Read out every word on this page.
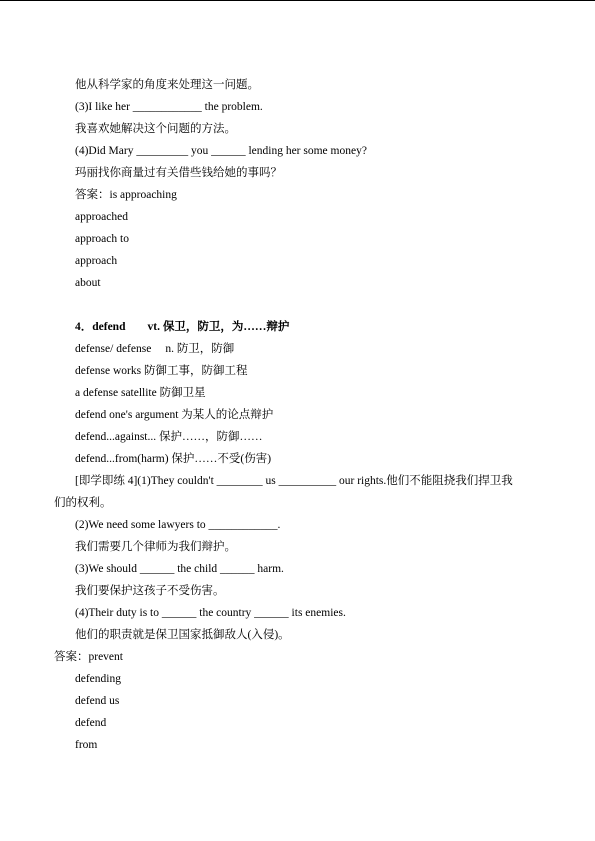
他从科学家的角度来处理这一问题。
(3)I like her ____________ the problem.
我喜欢她解决这个问题的方法。
(4)Did Mary _________ you ______ lending her some money?
玛丽找你商量过有关借些钱给她的事吗？
答案：is approaching
approached
approach to
approach
about
4．defend vt. 保卫，防卫，为……辩护
defense/ defense n. 防卫，防御
defense works 防御工事，防御工程
a defense satellite 防御卫星
defend one's argument 为某人的论点辩护
defend...against... 保护……，防御……
defend...from(harm) 保护……不受(伤害)
[即学即练 4](1)They couldn't ________ us __________ our rights.他们不能阻挠我们捍卫我
们的权利。
(2)We need some lawyers to ____________.
我们需要几个律师为我们辩护。
(3)We should ______ the child ______ harm.
我们要保护这孩子不受伤害。
(4)Their duty is to ______ the country ______ its enemies.
他们的职责就是保卫国家抵御敌人(入侵)。
答案：prevent
defending
defend us
defend
from
